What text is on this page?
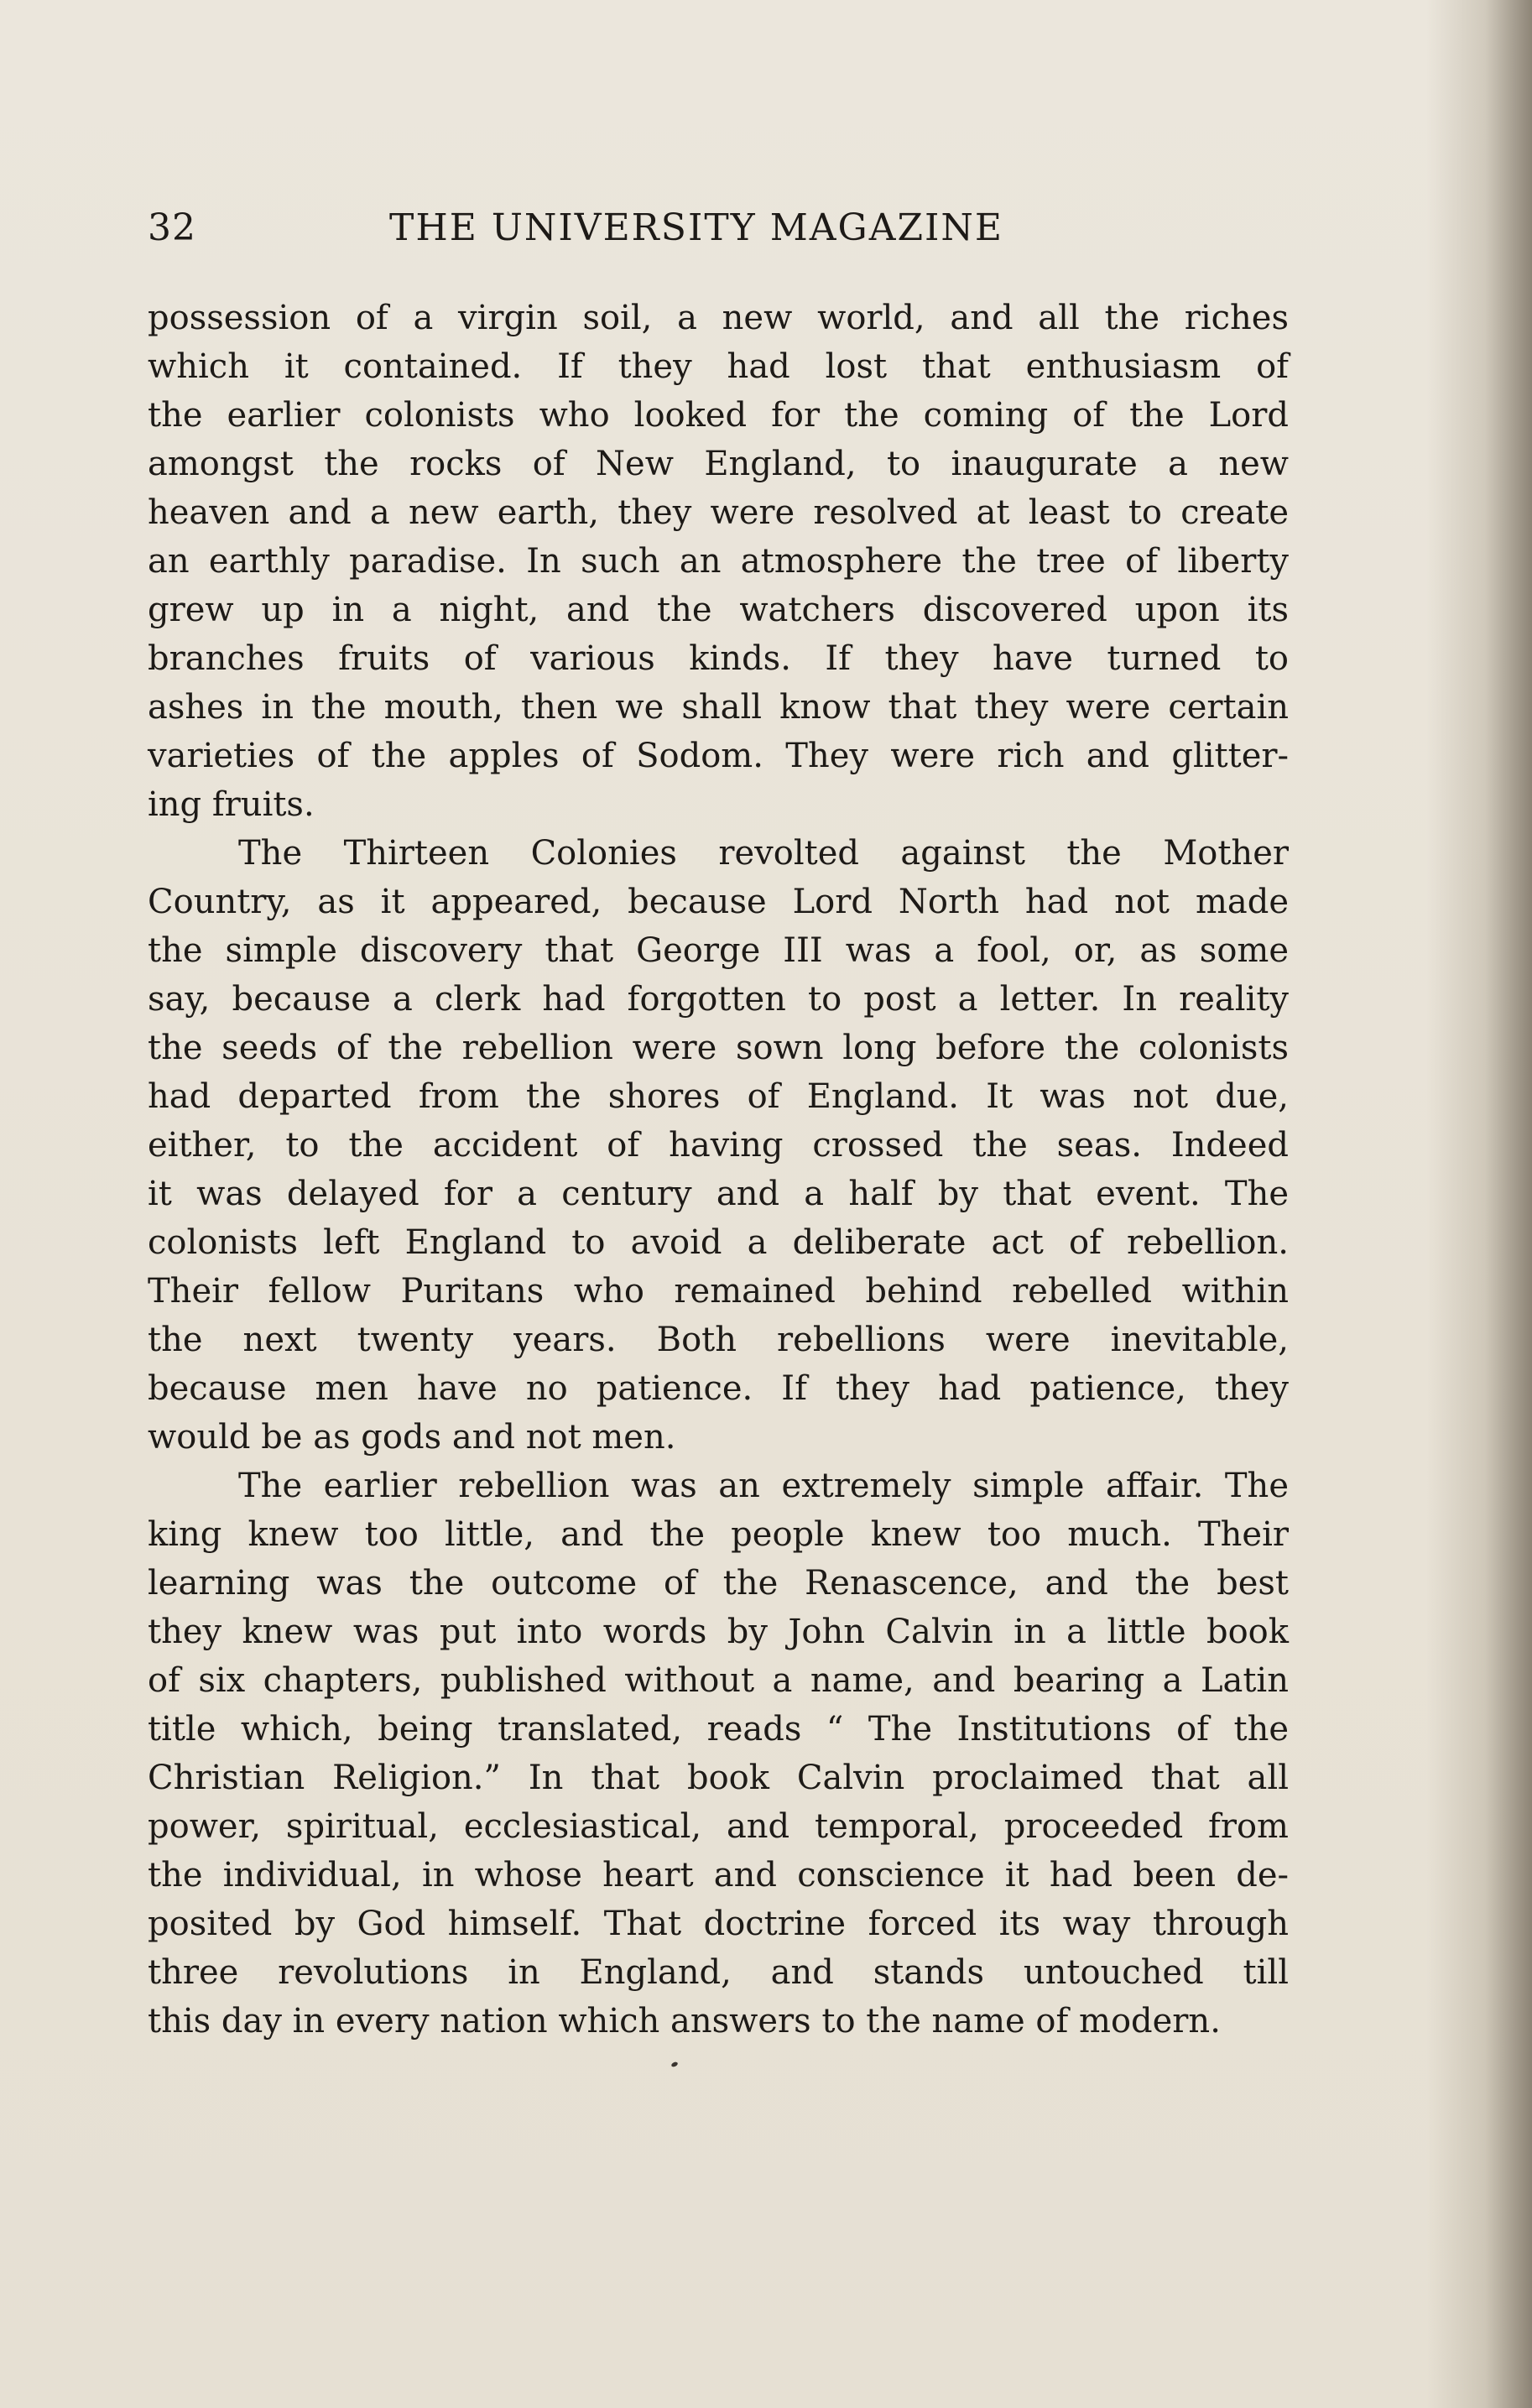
32	THE UNIVERSITY MAGAZINE
possession of a virgin soil, a new world, and all the riches
which it contained. If they had lost that enthusiasm of
the earlier colonists who looked for the coming of the Lord
amongst the rocks of New England, to inaugurate a new
heaven and a new earth, they were resolved at least to create
an earthly paradise. In such an atmosphere the tree of liberty
grew up in a night, and the watchers discovered upon its
branches fruits of various kinds. If they have turned to
ashes in the mouth, then we shall know that they were certain
varieties of the apples of Sodom. They were rich and glitter-
ing fruits.
The Thirteen Colonies revolted against the Mother
Country, as it appeared, because Lord North had not made
the simple discovery that George III was a fool, or, as some
say, because a clerk had forgotten to post a letter. In reality
the seeds of the rebellion were sown long before the colonists
had departed from the shores of England. It was not due,
either, to the accident of having crossed the seas. Indeed
it was delayed for a century and a half by that event. The
colonists left England to avoid a deliberate act of rebellion.
Their fellow Puritans who remained behind rebelled within
the next twenty years. Both rebellions were inevitable,
because men have no patience. If they had patience, they
would be as gods and not men.
The earlier rebellion was an extremely simple affair. The
king knew too little, and the people knew too much. Their
learning was the outcome of the Renascence, and the best
they knew was put into words by John Calvin in a little book
of six chapters, published without a name, and bearing a Latin
title which, being translated, reads “ The Institutions of the
Christian Religion.” In that book Calvin proclaimed that all
power, spiritual, ecclesiastical, and temporal, proceeded from
the individual, in whose heart and conscience it had been de-
posited by God himself. That doctrine forced its way through
three revolutions in England, and stands untouched till
this day in every nation which answers to the name of modern.
